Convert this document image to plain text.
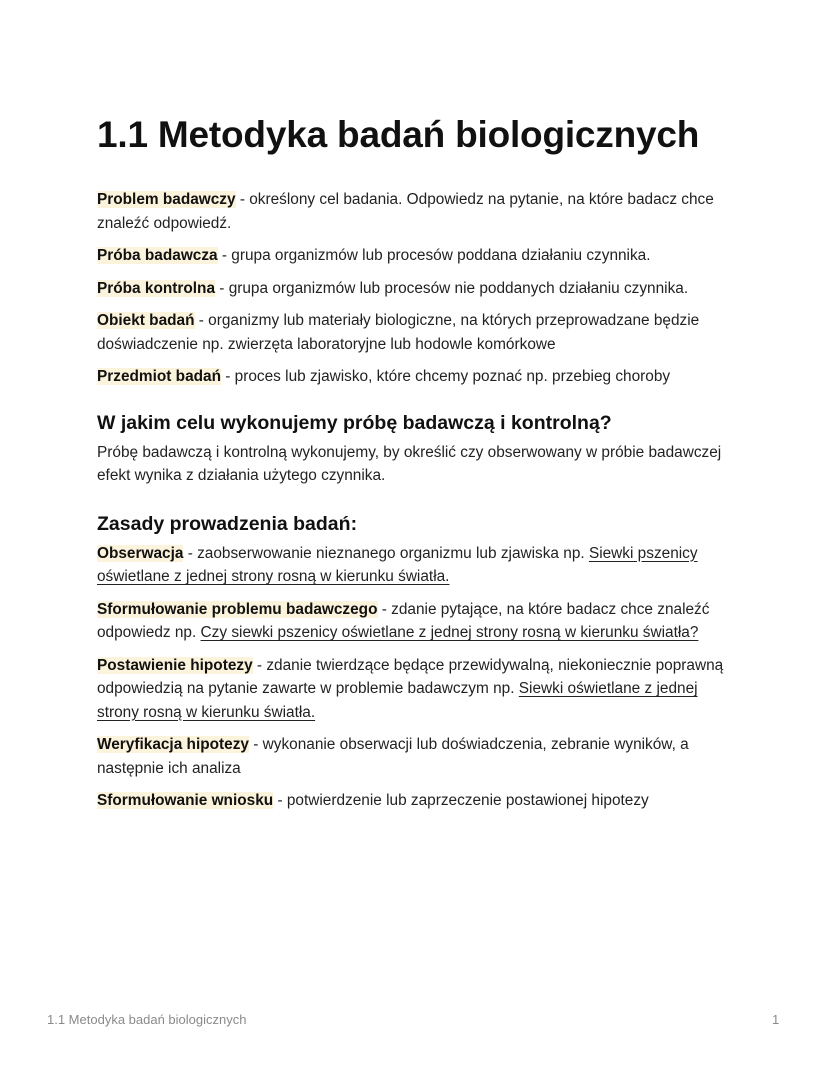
1.1 Metodyka badań biologicznych

Problem badawczy - określony cel badania. Odpowiedz na pytanie, na które badacz chce znaleźć odpowiedź.

Próba badawcza - grupa organizmów lub procesów poddana działaniu czynnika.

Próba kontrolna - grupa organizmów lub procesów nie poddanych działaniu czynnika.

Obiekt badań - organizmy lub materiały biologiczne, na których przeprowadzane będzie doświadczenie np. zwierzęta laboratoryjne lub hodowle komórkowe

Przedmiot badań - proces lub zjawisko, które chcemy poznać np. przebieg choroby

W jakim celu wykonujemy próbę badawczą i kontrolną?

Próbę badawczą i kontrolną wykonujemy, by określić czy obserwowany w próbie badawczej efekt wynika z działania użytego czynnika.

Zasady prowadzenia badań:

Obserwacja - zaobserwowanie nieznanego organizmu lub zjawiska np. Siewki pszenicy oświetlane z jednej strony rosną w kierunku światła.

Sformułowanie problemu badawczego - zdanie pytające, na które badacz chce znaleźć odpowiedz np. Czy siewki pszenicy oświetlane z jednej strony rosną w kierunku światła?

Postawienie hipotezy - zdanie twierdzące będące przewidywalną, niekoniecznie poprawną odpowiedzią na pytanie zawarte w problemie badawczym np. Siewki oświetlane z jednej strony rosną w kierunku światła.

Weryfikacja hipotezy - wykonanie obserwacji lub doświadczenia, zebranie wyników, a następnie ich analiza

Sformułowanie wniosku - potwierdzenie lub zaprzeczenie postawionej hipotezy

1.1 Metodyka badań biologicznych	1
